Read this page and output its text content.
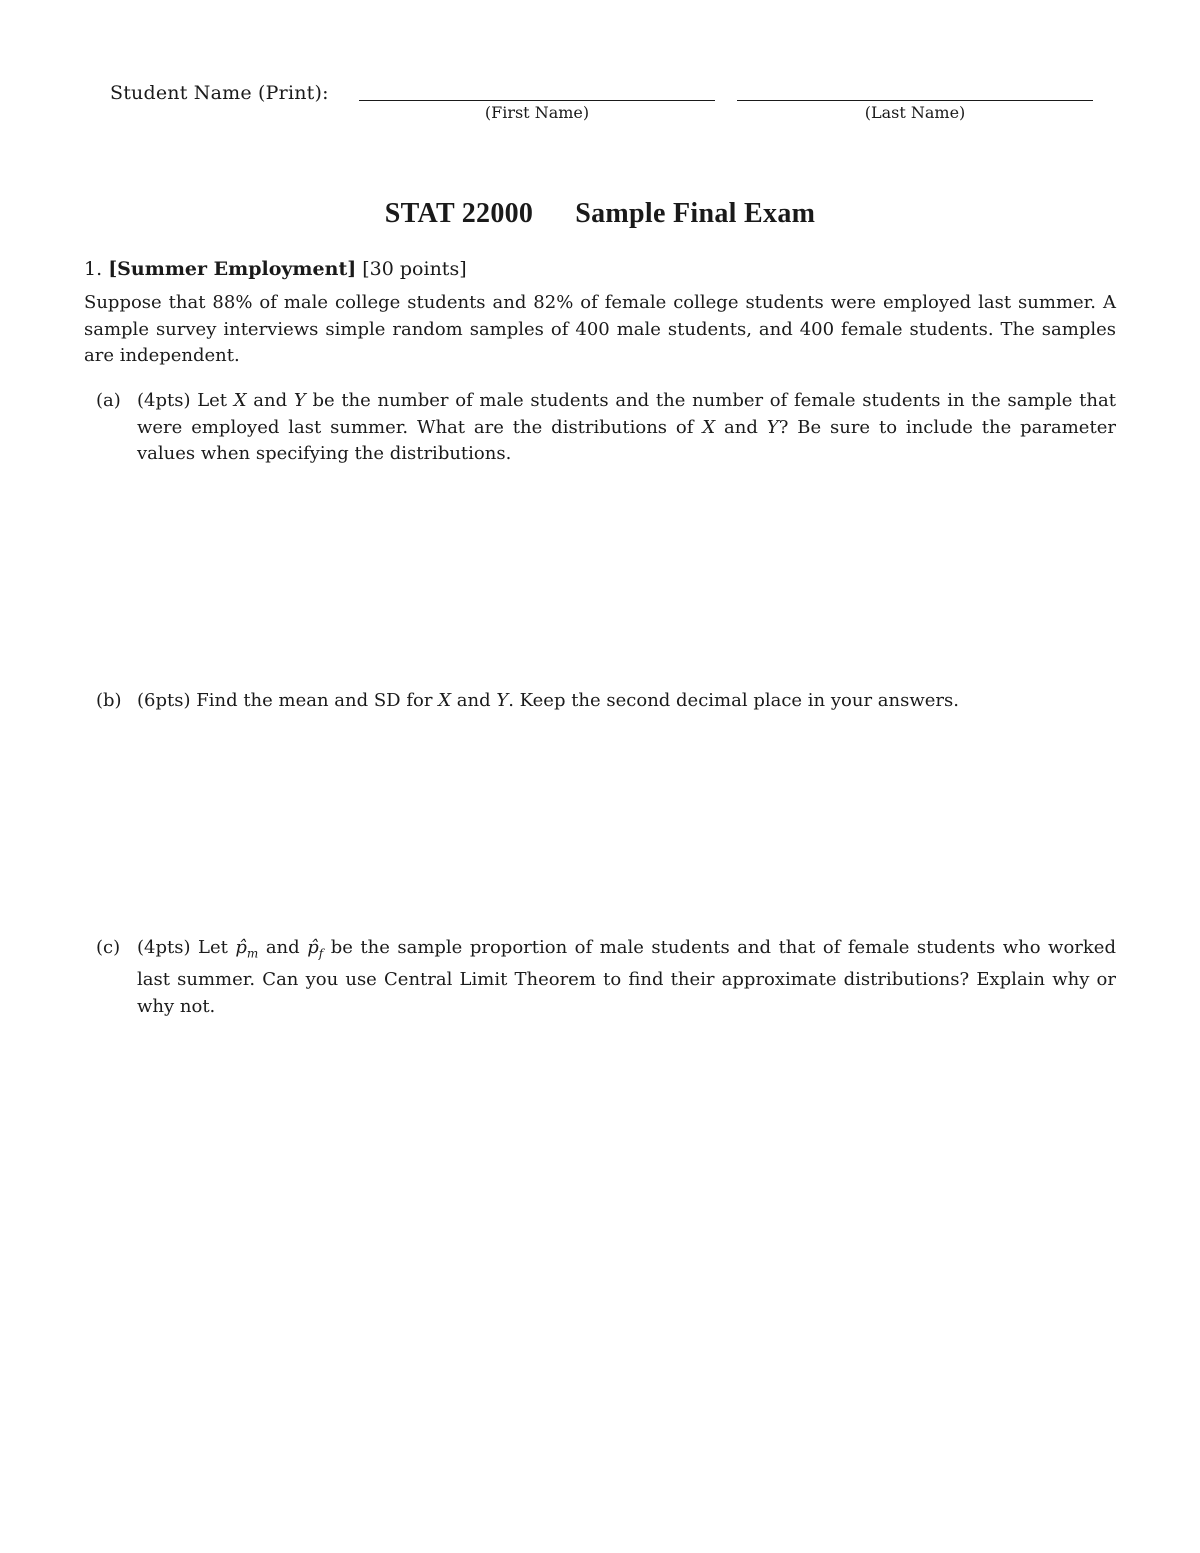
Student Name (Print):
(First Name)	(Last Name)
STAT 22000 Sample Final Exam
1. [Summer Employment] [30 points]

Suppose that 88% of male college students and 82% of female college students were employed last summer. A sample survey interviews simple random samples of 400 male students, and 400 female students. The samples are independent.

(a) (4pts) Let X and Y be the number of male students and the number of female students in the sample that were employed last summer. What are the distributions of X and Y? Be sure to include the parameter values when specifying the distributions.
(b) (6pts) Find the mean and SD for X and Y. Keep the second decimal place in your answers.
(c) (4pts) Let $p̂_m$ and $p̂_f$ be the sample proportion of male students and that of female students who worked last summer. Can you use Central Limit Theorem to find their approximate distributions? Explain why or why not.
